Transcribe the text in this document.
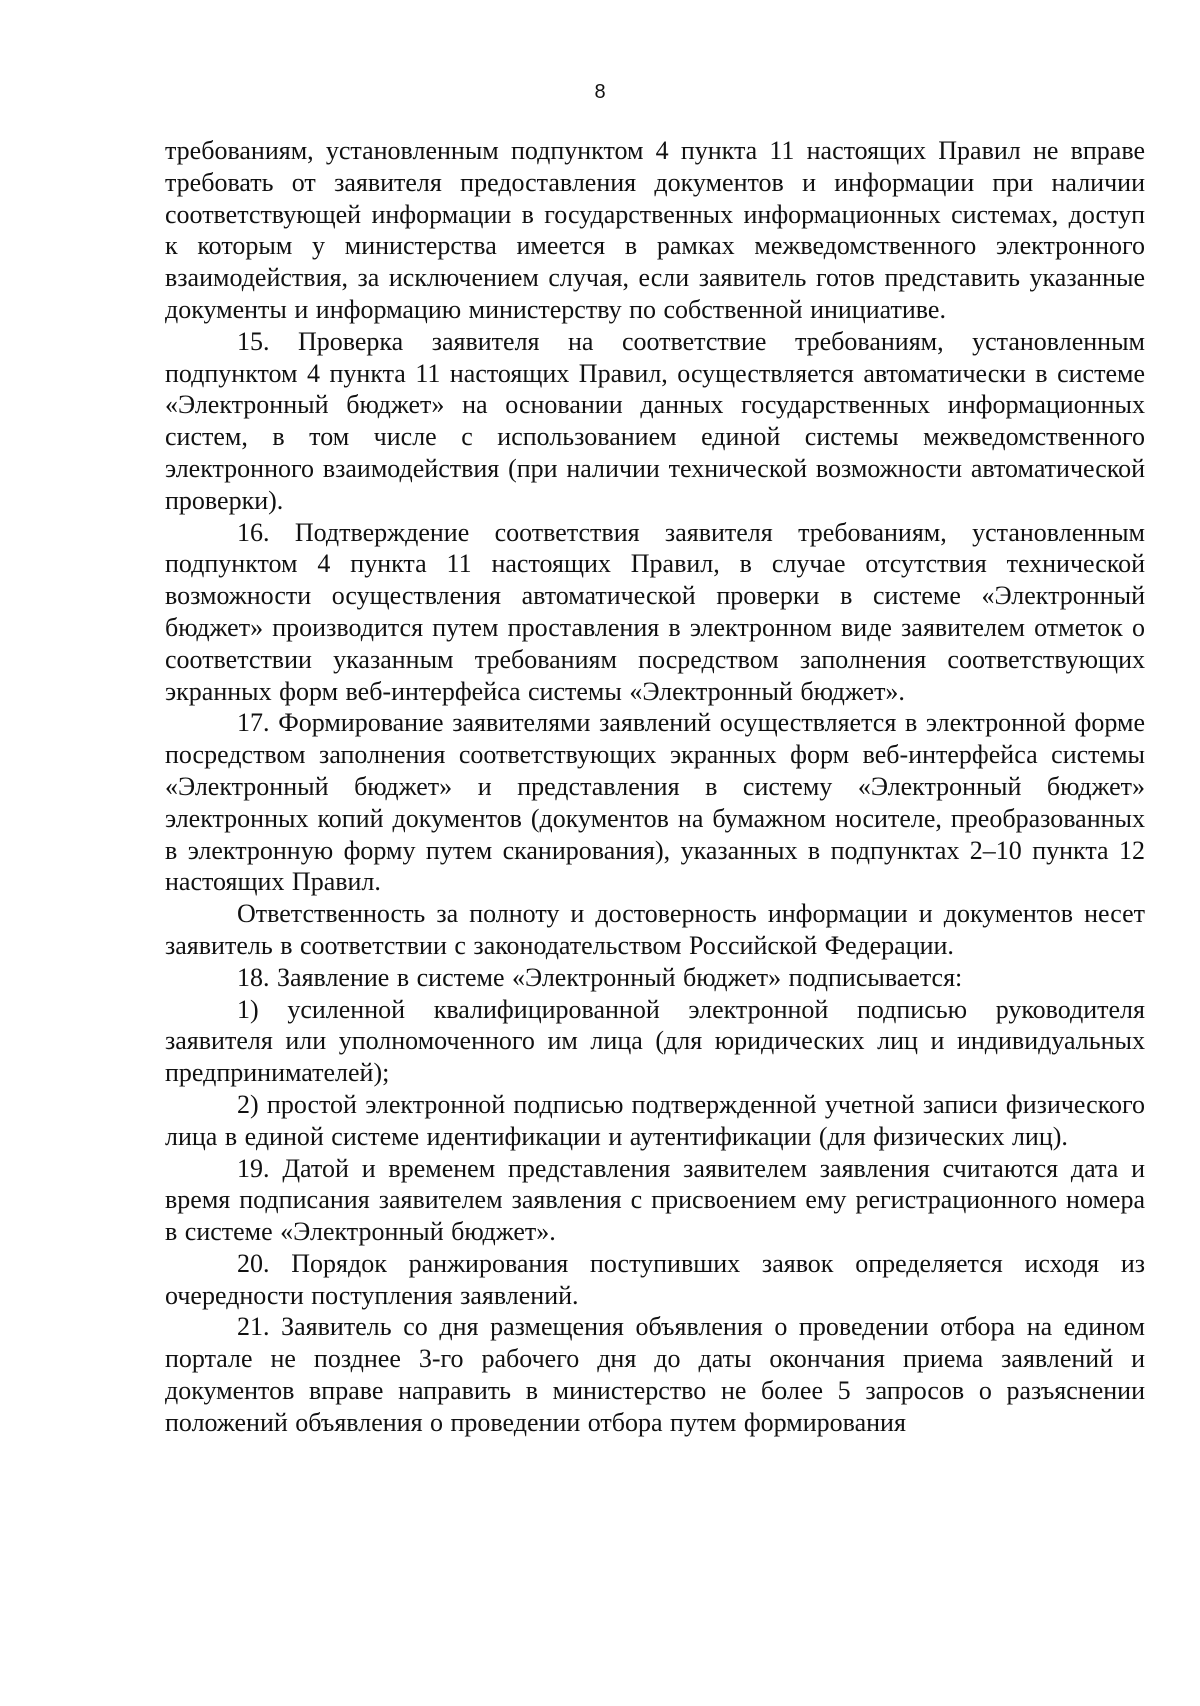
8

требованиям, установленным подпунктом 4 пункта 11 настоящих Правил не вправе требовать от заявителя предоставления документов и информации при наличии соответствующей информации в государственных информационных системах, доступ к которым у министерства имеется в рамках межведомственного электронного взаимодействия, за исключением случая, если заявитель готов представить указанные документы и информацию министерству по собственной инициативе.

15. Проверка заявителя на соответствие требованиям, установленным подпунктом 4 пункта 11 настоящих Правил, осуществляется автоматически в системе «Электронный бюджет» на основании данных государственных информационных систем, в том числе с использованием единой системы межведомственного электронного взаимодействия (при наличии технической возможности автоматической проверки).

16. Подтверждение соответствия заявителя требованиям, установленным подпунктом 4 пункта 11 настоящих Правил, в случае отсутствия технической возможности осуществления автоматической проверки в системе «Электронный бюджет» производится путем проставления в электронном виде заявителем отметок о соответствии указанным требованиям посредством заполнения соответствующих экранных форм веб-интерфейса системы «Электронный бюджет».

17. Формирование заявителями заявлений осуществляется в электронной форме посредством заполнения соответствующих экранных форм веб-интерфейса системы «Электронный бюджет» и представления в систему «Электронный бюджет» электронных копий документов (документов на бумажном носителе, преобразованных в электронную форму путем сканирования), указанных в подпунктах 2–10 пункта 12 настоящих Правил.

Ответственность за полноту и достоверность информации и документов несет заявитель в соответствии с законодательством Российской Федерации.

18. Заявление в системе «Электронный бюджет» подписывается:

1) усиленной квалифицированной электронной подписью руководителя заявителя или уполномоченного им лица (для юридических лиц и индивидуальных предпринимателей);

2) простой электронной подписью подтвержденной учетной записи физического лица в единой системе идентификации и аутентификации (для физических лиц).

19. Датой и временем представления заявителем заявления считаются дата и время подписания заявителем заявления с присвоением ему регистрационного номера в системе «Электронный бюджет».

20. Порядок ранжирования поступивших заявок определяется исходя из очередности поступления заявлений.

21. Заявитель со дня размещения объявления о проведении отбора на едином портале не позднее 3-го рабочего дня до даты окончания приема заявлений и документов вправе направить в министерство не более 5 запросов о разъяснении положений объявления о проведении отбора путем формирования
